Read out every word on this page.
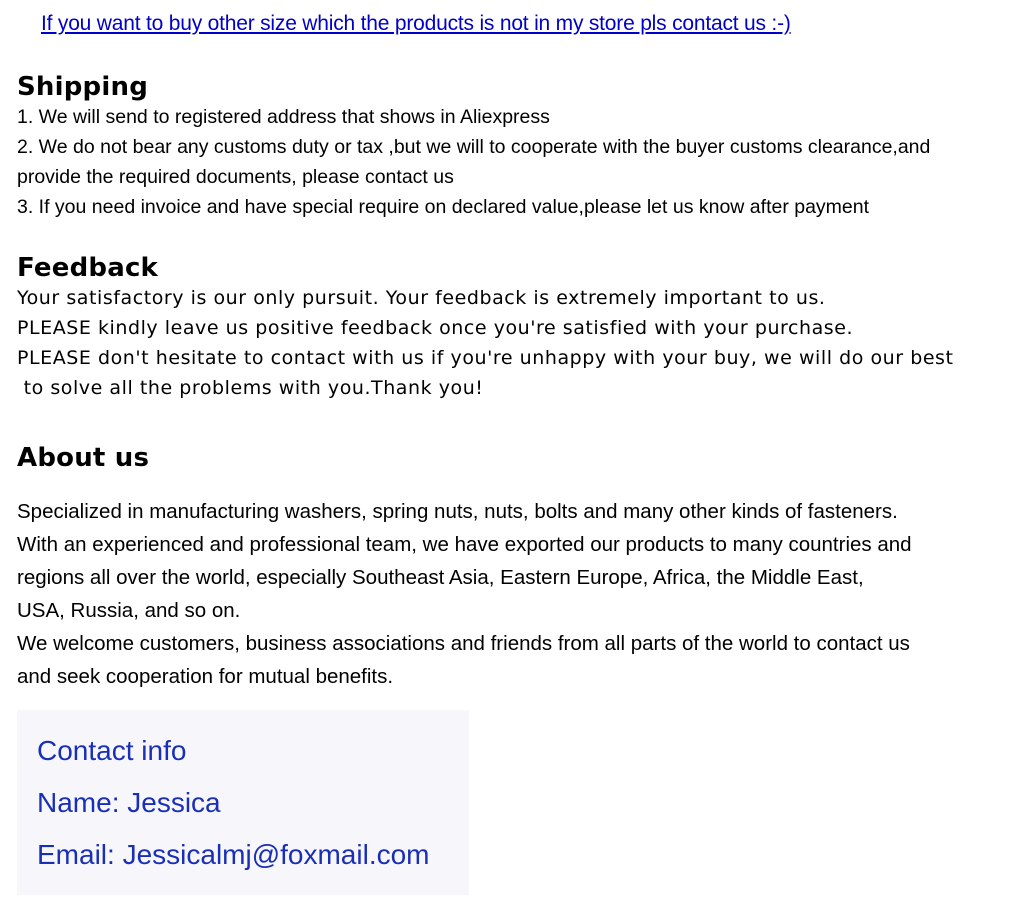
If you want to buy other size which the products is not in my store pls contact us :-)
Shipping
1. We will send to registered address that shows in Aliexpress
2. We do not bear any customs duty or tax ,but we will to cooperate with the buyer customs clearance,and
provide the required documents, please contact us
3. If you need invoice and have special require on declared value,please let us know after payment
Feedback
Your satisfactory is our only pursuit. Your feedback is extremely important to us.
PLEASE kindly leave us positive feedback once you're satisfied with your purchase.
PLEASE don't hesitate to contact with us if you're unhappy with your buy, we will do our best
to solve all the problems with you.Thank you!
About us
Specialized in manufacturing washers, spring nuts, nuts, bolts and many other kinds of fasteners.
With an experienced and professional team, we have exported our products to many countries and
regions all over the world, especially Southeast Asia, Eastern Europe, Africa, the Middle East,
USA, Russia, and so on.
We welcome customers, business associations and friends from all parts of the world to contact us
and seek cooperation for mutual benefits.
Contact info
Name: Jessica
Email: Jessicalmj@foxmail.com
